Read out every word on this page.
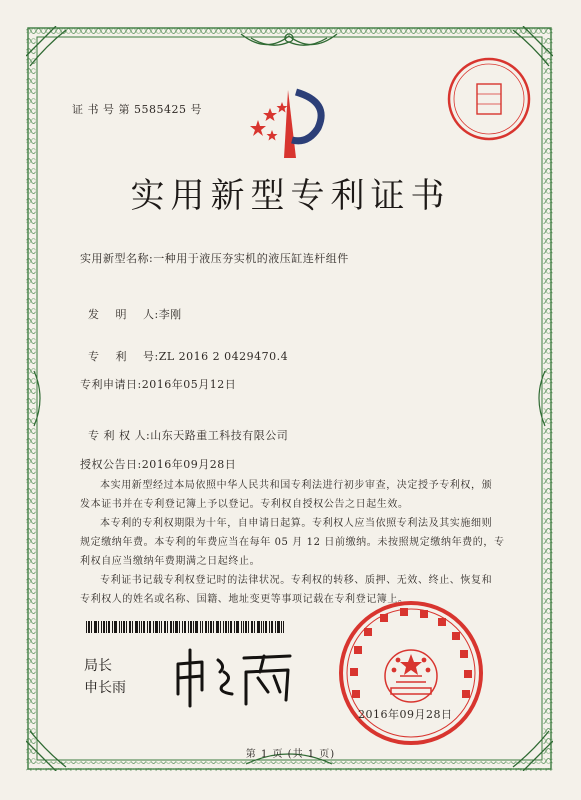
证 书 号 第 5585425 号
实用新型专利证书
实用新型名称:一种用于液压夯实机的液压缸连杆组件

发    明    人:李刚

专    利    号:ZL 2016 2 0429470.4

专利申请日:2016年05月12日

专 利 权 人:山东天路重工科技有限公司

授权公告日:2016年09月28日
本实用新型经过本局依照中华人民共和国专利法进行初步审查，决定授予专利权，颁
发本证书并在专利登记簿上予以登记。专利权自授权公告之日起生效。
本专利的专利权期限为十年，自申请日起算。专利权人应当依照专利法及其实施细则
规定缴纳年费。本专利的年费应当在每年 05 月 12 日前缴纳。未按照规定缴纳年费的，专
利权自应当缴纳年费期满之日起终止。
专利证书记载专利权登记时的法律状况。专利权的转移、质押、无效、终止、恢复和
专利权人的姓名或名称、国籍、地址变更等事项记载在专利登记簿上。
局长
申长雨
2016年09月28日
第 1 页 (共 1 页)
